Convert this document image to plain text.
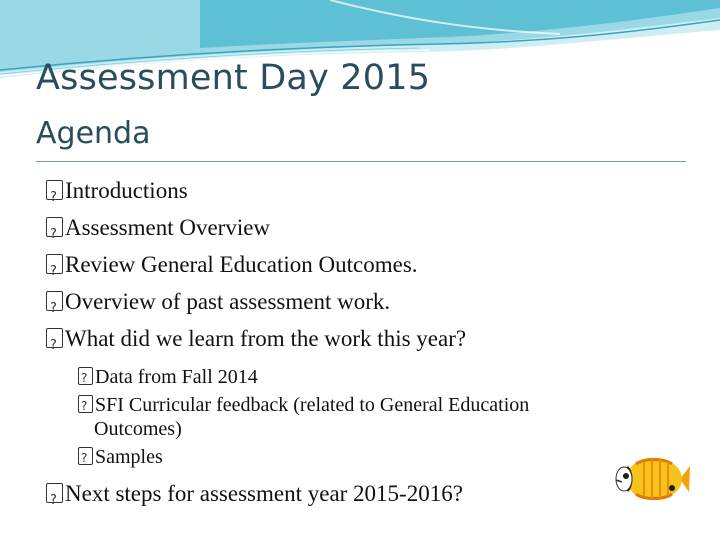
Assessment Day 2015
Agenda
?Introductions
?Assessment Overview
?Review General Education Outcomes.
?Overview of past assessment work.
?What did we learn from the work this year?
?Data from Fall 2014
?SFI Curricular feedback (related to General Education
Outcomes)
?Samples
?Next steps for assessment year 2015-2016?
